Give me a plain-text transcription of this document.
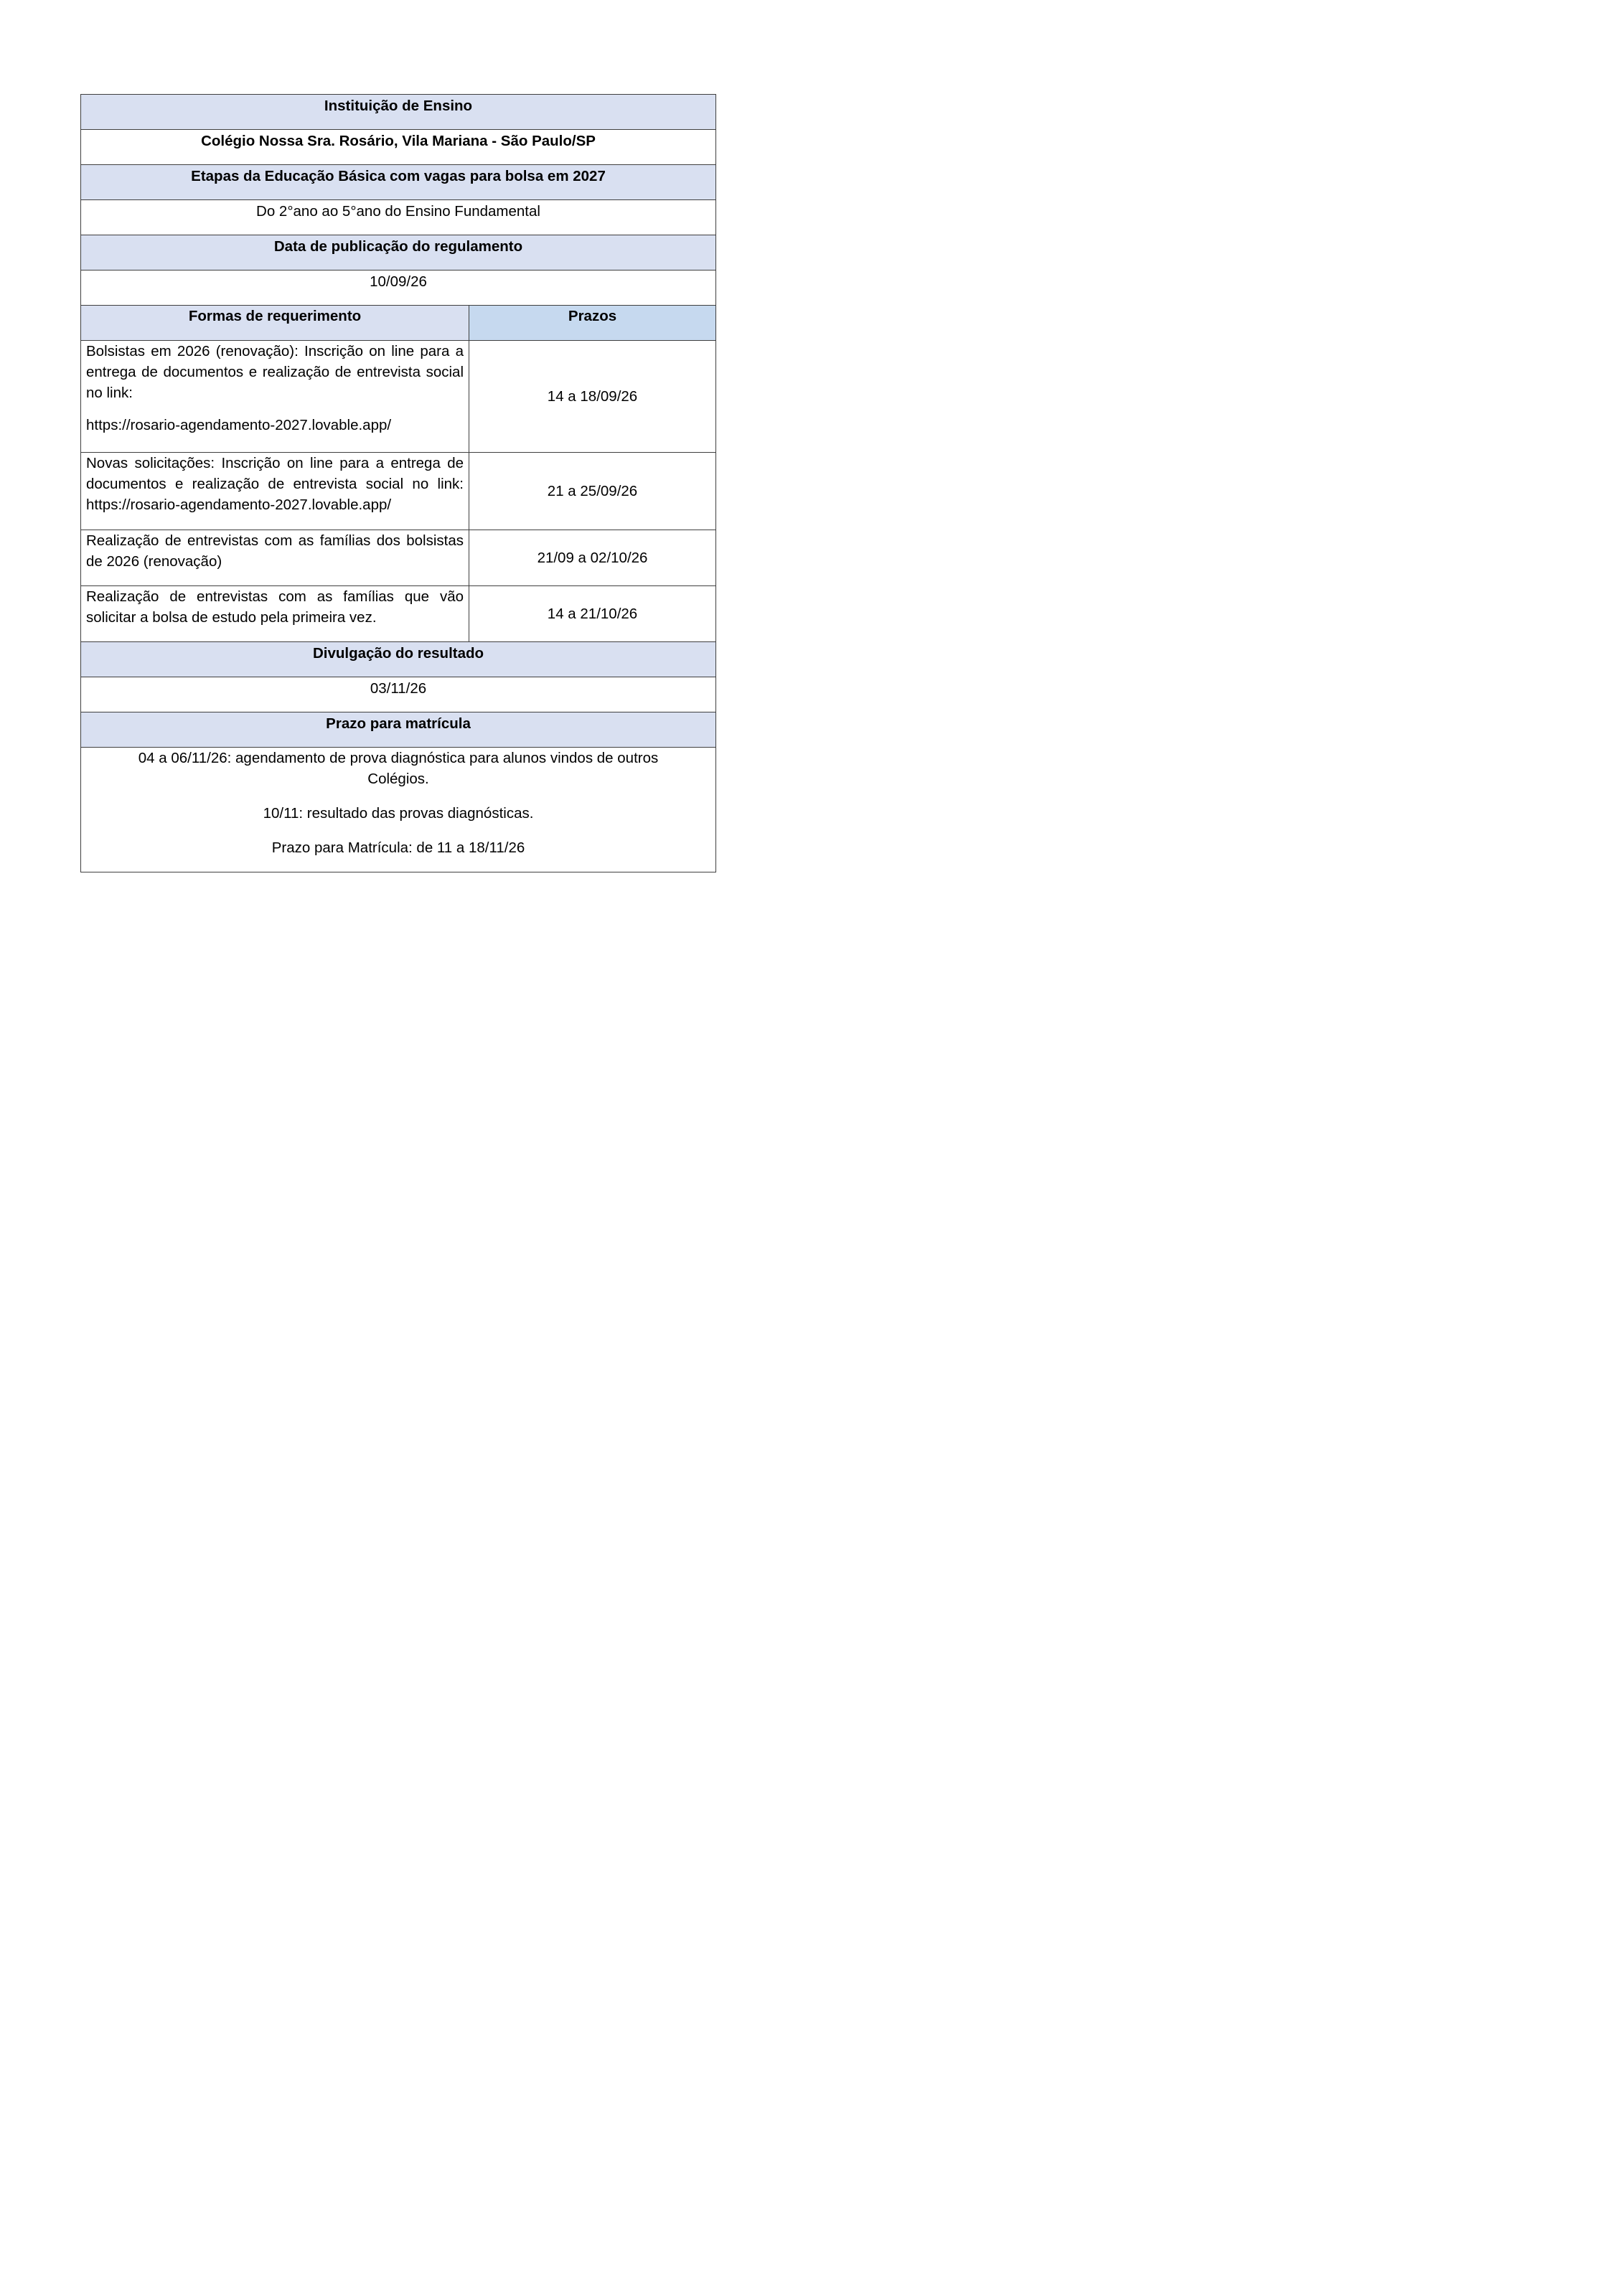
Instituição de Ensino	

Colégio Nossa Sra. Rosário, Vila Mariana - São Paulo/SP	

Etapas da Educação Básica com vagas para bolsa em 2027	

Do 2°ano ao 5°ano do Ensino Fundamental	

Data de publicação do regulamento	

10/09/26	

Formas de requerimento	Prazos

Bolsistas em 2026 (renovação): Inscrição on line para a entrega de documentos e realização de entrevista social no link:

https://rosario-agendamento-2027.lovable.app/	14 a 18/09/26

Novas solicitações: Inscrição on line para a entrega de documentos e realização de entrevista social no link: https://rosario-agendamento-2027.lovable.app/	21 a 25/09/26

Realização de entrevistas com as famílias dos bolsistas de 2026 (renovação)	21/09 a 02/10/26

Realização de entrevistas com as famílias que vão solicitar a bolsa de estudo pela primeira vez.	14 a 21/10/26

Divulgação do resultado	

03/11/26	

Prazo para matrícula	

04 a 06/11/26: agendamento de prova diagnóstica para alunos vindos de outros Colégios.

10/11: resultado das provas diagnósticas.

Prazo para Matrícula: de 11 a 18/11/26	
